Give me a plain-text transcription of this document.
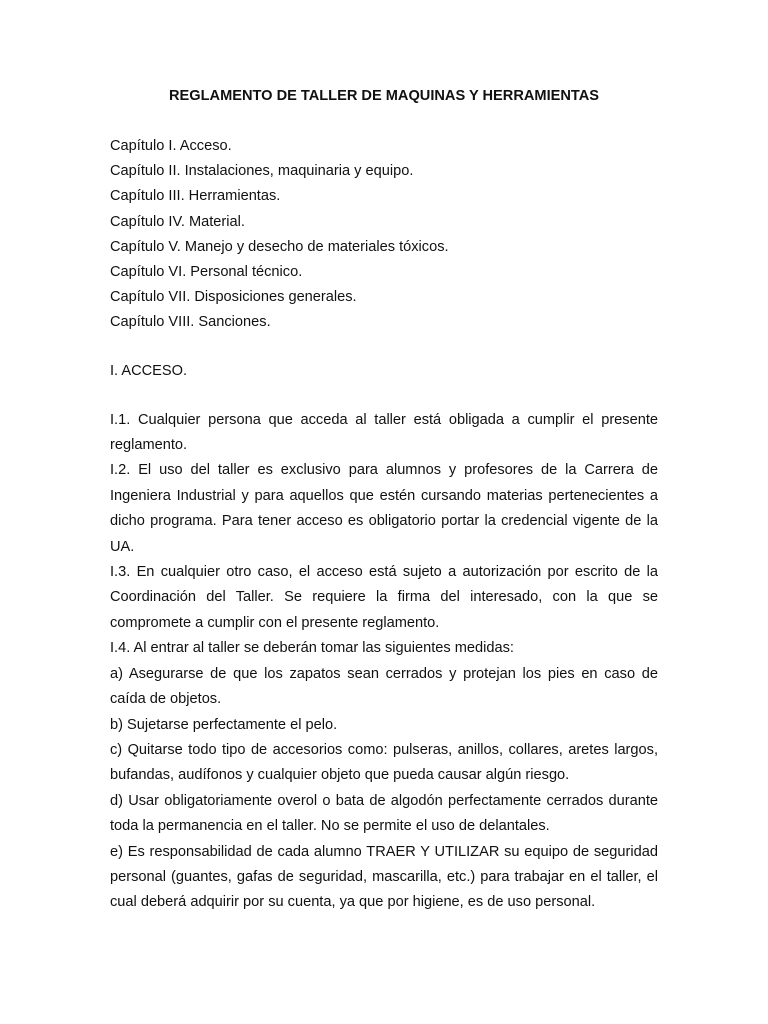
REGLAMENTO DE TALLER DE MAQUINAS Y HERRAMIENTAS
Capítulo I. Acceso.
Capítulo II. Instalaciones, maquinaria y equipo.
Capítulo III. Herramientas.
Capítulo IV. Material.
Capítulo V. Manejo y desecho de materiales tóxicos.
Capítulo VI. Personal técnico.
Capítulo VII. Disposiciones generales.
Capítulo VIII. Sanciones.
I. ACCESO.

I.1. Cualquier persona que acceda al taller está obligada a cumplir el presente reglamento.

I.2. El uso del taller es exclusivo para alumnos y profesores de la Carrera de Ingeniera Industrial y para aquellos que estén cursando materias pertenecientes a dicho programa. Para tener acceso es obligatorio portar la credencial vigente de la UA.

I.3. En cualquier otro caso, el acceso está sujeto a autorización por escrito de la Coordinación del Taller. Se requiere la firma del interesado, con la que se compromete a cumplir con el presente reglamento.

I.4. Al entrar al taller se deberán tomar las siguientes medidas:

a) Asegurarse de que los zapatos sean cerrados y protejan los pies en caso de caída de objetos.

b) Sujetarse perfectamente el pelo.

c) Quitarse todo tipo de accesorios como: pulseras, anillos, collares, aretes largos, bufandas, audífonos y cualquier objeto que pueda causar algún riesgo.

d) Usar obligatoriamente overol o bata de algodón perfectamente cerrados durante toda la permanencia en el taller. No se permite el uso de delantales.

e) Es responsabilidad de cada alumno TRAER Y UTILIZAR su equipo de seguridad personal (guantes, gafas de seguridad, mascarilla, etc.) para trabajar en el taller, el cual deberá adquirir por su cuenta, ya que por higiene, es de uso personal.
